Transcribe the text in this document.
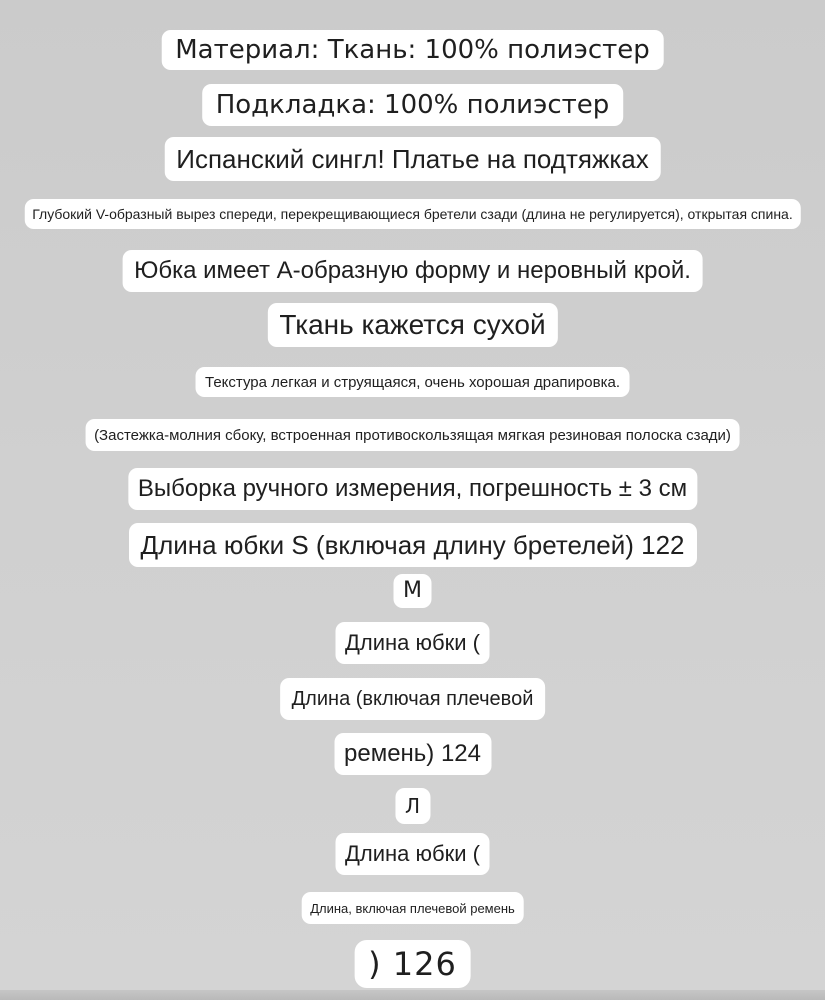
Материал: Ткань: 100% полиэстер
Подкладка: 100% полиэстер
Испанский сингл! Платье на подтяжках
Глубокий V-образный вырез спереди, перекрещивающиеся бретели сзади (длина не регулируется), открытая спина.
Юбка имеет А-образную форму и неровный крой.
Ткань кажется сухой
Текстура легкая и струящаяся, очень хорошая драпировка.
(Застежка-молния сбоку, встроенная противоскользящая мягкая резиновая полоска сзади)
Выборка ручного измерения, погрешность ± 3 см
Длина юбки S (включая длину бретелей) 122
М
Длина юбки (
Длина (включая плечевой
ремень) 124
Л
Длина юбки (
Длина, включая плечевой ремень
) 126
